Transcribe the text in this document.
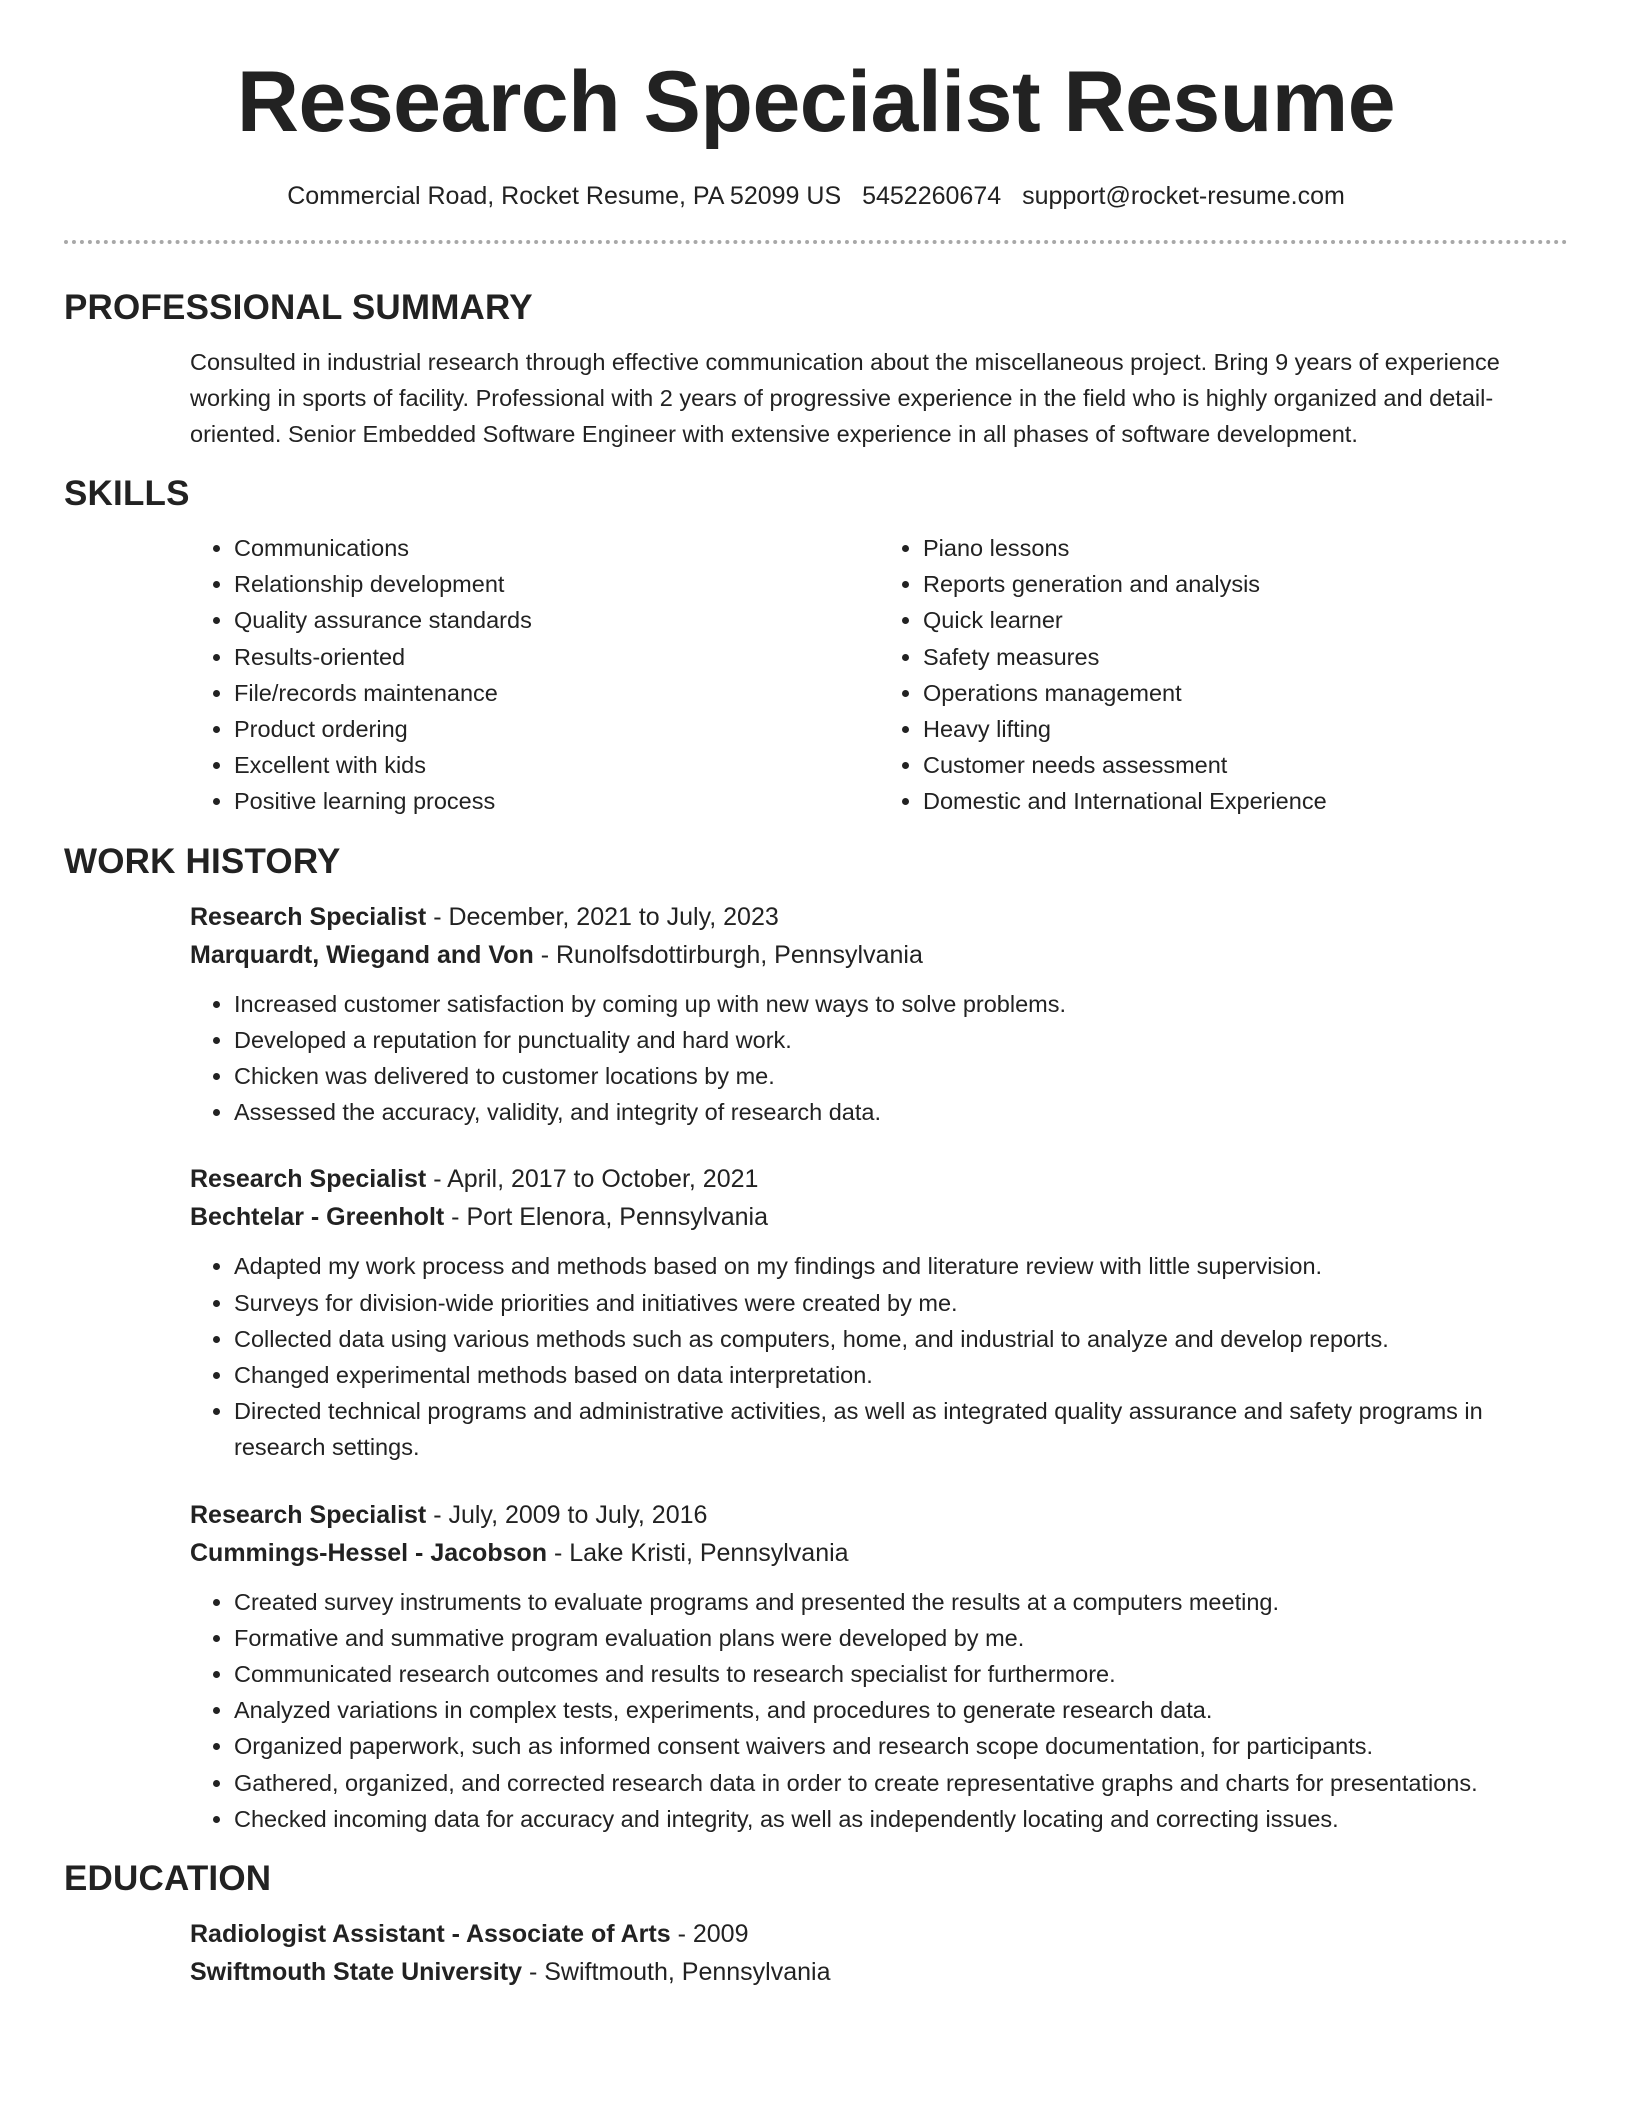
Research Specialist Resume
Commercial Road, Rocket Resume, PA 52099 US 5452260674 support@rocket-resume.com
PROFESSIONAL SUMMARY
Consulted in industrial research through effective communication about the miscellaneous project. Bring 9 years of experience working in sports of facility. Professional with 2 years of progressive experience in the field who is highly organized and detail-oriented. Senior Embedded Software Engineer with extensive experience in all phases of software development.
SKILLS
• Communications
• Relationship development
• Quality assurance standards
• Results-oriented
• File/records maintenance
• Product ordering
• Excellent with kids
• Positive learning process
• Piano lessons
• Reports generation and analysis
• Quick learner
• Safety measures
• Operations management
• Heavy lifting
• Customer needs assessment
• Domestic and International Experience
WORK HISTORY
Research Specialist - December, 2021 to July, 2023
Marquardt, Wiegand and Von - Runolfsdottirburgh, Pennsylvania
• Increased customer satisfaction by coming up with new ways to solve problems.
• Developed a reputation for punctuality and hard work.
• Chicken was delivered to customer locations by me.
• Assessed the accuracy, validity, and integrity of research data.
Research Specialist - April, 2017 to October, 2021
Bechtelar - Greenholt - Port Elenora, Pennsylvania
• Adapted my work process and methods based on my findings and literature review with little supervision.
• Surveys for division-wide priorities and initiatives were created by me.
• Collected data using various methods such as computers, home, and industrial to analyze and develop reports.
• Changed experimental methods based on data interpretation.
• Directed technical programs and administrative activities, as well as integrated quality assurance and safety programs in research settings.
Research Specialist - July, 2009 to July, 2016
Cummings-Hessel - Jacobson - Lake Kristi, Pennsylvania
• Created survey instruments to evaluate programs and presented the results at a computers meeting.
• Formative and summative program evaluation plans were developed by me.
• Communicated research outcomes and results to research specialist for furthermore.
• Analyzed variations in complex tests, experiments, and procedures to generate research data.
• Organized paperwork, such as informed consent waivers and research scope documentation, for participants.
• Gathered, organized, and corrected research data in order to create representative graphs and charts for presentations.
• Checked incoming data for accuracy and integrity, as well as independently locating and correcting issues.
EDUCATION
Radiologist Assistant - Associate of Arts - 2009
Swiftmouth State University - Swiftmouth, Pennsylvania
